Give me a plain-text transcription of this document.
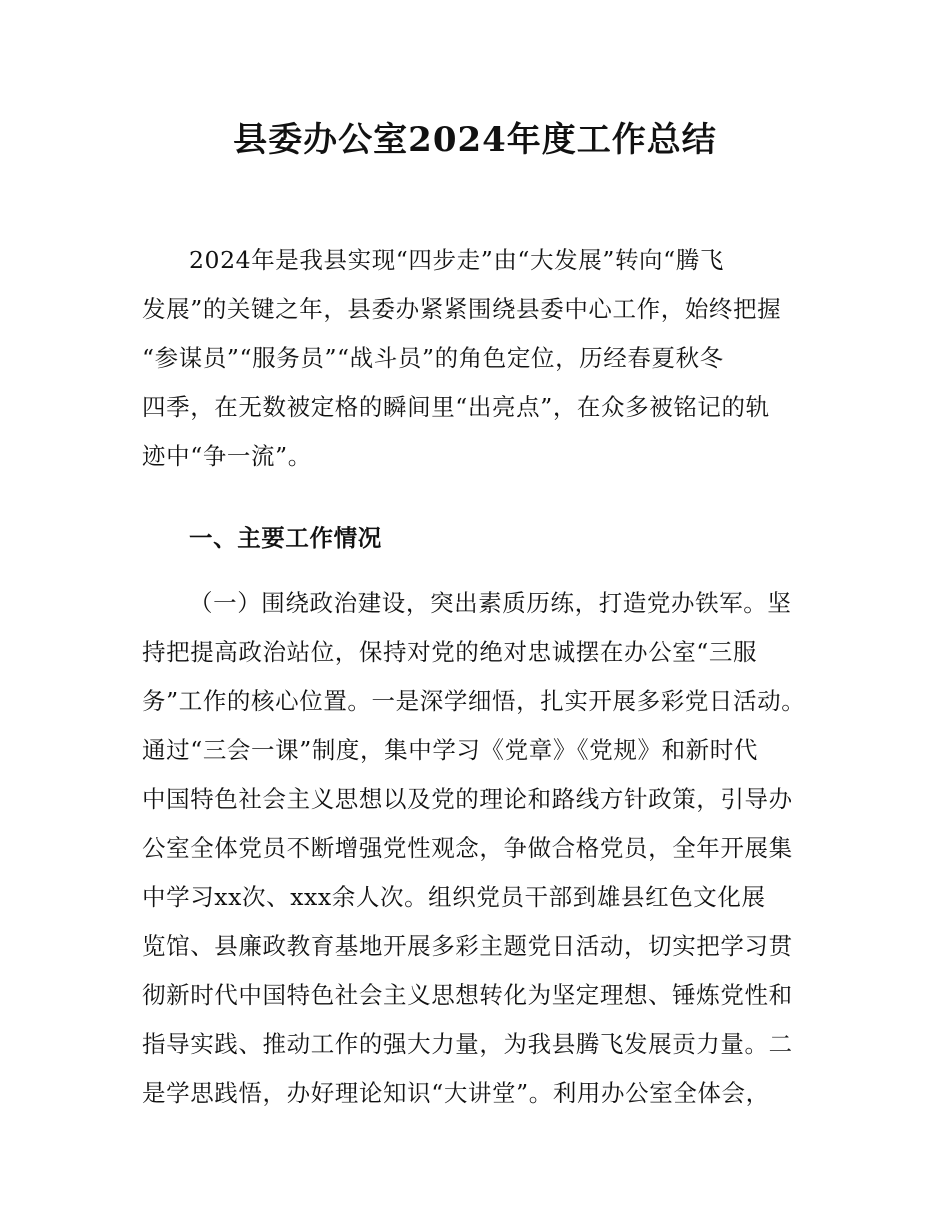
县委办公室2024年度工作总结
2024年是我县实现“四步走”由“大发展”转向“腾飞
发展”的关键之年，县委办紧紧围绕县委中心工作，始终把握
“参谋员”“服务员”“战斗员”的角色定位，历经春夏秋冬
四季，在无数被定格的瞬间里“出亮点”，在众多被铭记的轨
迹中“争一流”。
一、主要工作情况
（一）围绕政治建设，突出素质历练，打造党办铁军。坚
持把提高政治站位，保持对党的绝对忠诚摆在办公室“三服
务”工作的核心位置。一是深学细悟，扎实开展多彩党日活动。
通过“三会一课”制度，集中学习《党章》《党规》和新时代
中国特色社会主义思想以及党的理论和路线方针政策，引导办
公室全体党员不断增强党性观念，争做合格党员，全年开展集
中学习xx次、xxx余人次。组织党员干部到雄县红色文化展
览馆、县廉政教育基地开展多彩主题党日活动，切实把学习贯
彻新时代中国特色社会主义思想转化为坚定理想、锤炼党性和
指导实践、推动工作的强大力量，为我县腾飞发展贡力量。二
是学思践悟，办好理论知识“大讲堂”。利用办公室全体会，
